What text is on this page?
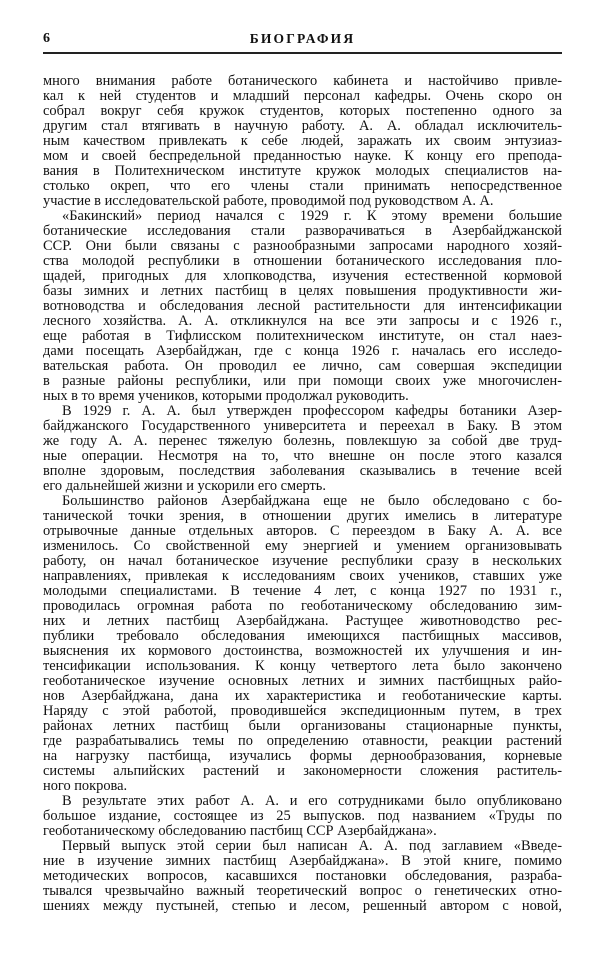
6	БИОГРАФИЯ
много внимания работе ботанического кабинета и настойчиво привле-
кал к ней студентов и младший персонал кафедры. Очень скоро он
собрал вокруг себя кружок студентов, которых постепенно одного за
другим стал втягивать в научную работу. А. А. обладал исключитель-
ным качеством привлекать к себе людей, заражать их своим энтузиаз-
мом и своей беспредельной преданностью науке. К концу его препода-
вания в Политехническом институте кружок молодых специалистов на-
столько окреп, что его члены стали принимать непосредственное
участие в исследовательской работе, проводимой под руководством А. А.
«Бакинский» период начался с 1929 г. К этому времени большие
ботанические исследования стали разворачиваться в Азербайджанской
ССР. Они были связаны с разнообразными запросами народного хозяй-
ства молодой республики в отношении ботанического исследования пло-
щадей, пригодных для хлопководства, изучения естественной кормовой
базы зимних и летних пастбищ в целях повышения продуктивности жи-
вотноводства и обследования лесной растительности для интенсификации
лесного хозяйства. А. А. откликнулся на все эти запросы и с 1926 г.,
еще работая в Тифлисском политехническом институте, он стал наез-
дами посещать Азербайджан, где с конца 1926 г. началась его исследо-
вательская работа. Он проводил ее лично, сам совершая экспедиции
в разные районы республики, или при помощи своих уже многочислен-
ных в то время учеников, которыми продолжал руководить.
В 1929 г. А. А. был утвержден профессором кафедры ботаники Азер-
байджанского Государственного университета и переехал в Баку. В этом
же году А. А. перенес тяжелую болезнь, повлекшую за собой две труд-
ные операции. Несмотря на то, что внешне он после этого казался
вполне здоровым, последствия заболевания сказывались в течение всей
его дальнейшей жизни и ускорили его смерть.
Большинство районов Азербайджана еще не было обследовано с бо-
танической точки зрения, в отношении других имелись в литературе
отрывочные данные отдельных авторов. С переездом в Баку А. А. все
изменилось. Со свойственной ему энергией и умением организовывать
работу, он начал ботаническое изучение республики сразу в нескольких
направлениях, привлекая к исследованиям своих учеников, ставших уже
молодыми специалистами. В течение 4 лет, с конца 1927 по 1931 г.,
проводилась огромная работа по геоботаническому обследованию зим-
них и летних пастбищ Азербайджана. Растущее животноводство рес-
публики требовало обследования имеющихся пастбищных массивов,
выяснения их кормового достоинства, возможностей их улучшения и ин-
тенсификации использования. К концу четвертого лета было закончено
геоботаническое изучение основных летних и зимних пастбищных райо-
нов Азербайджана, дана их характеристика и геоботанические карты.
Наряду с этой работой, проводившейся экспедиционным путем, в трех
районах летних пастбищ были организованы стационарные пункты,
где разрабатывались темы по определению отавности, реакции растений
на нагрузку пастбища, изучались формы дернообразования, корневые
системы альпийских растений и закономерности сложения раститель-
ного покрова.
В результате этих работ А. А. и его сотрудниками было опубликовано
большое издание, состоящее из 25 выпусков. под названием «Труды по
геоботаническому обследованию пастбищ ССР Азербайджана».
Первый выпуск этой серии был написан А. А. под заглавием «Введе-
ние в изучение зимних пастбищ Азербайджана». В этой книге, помимо
методических вопросов, касавшихся постановки обследования, разраба-
тывался чрезвычайно важный теоретический вопрос о генетических отно-
шениях между пустыней, степью и лесом, решенный автором с новой,
